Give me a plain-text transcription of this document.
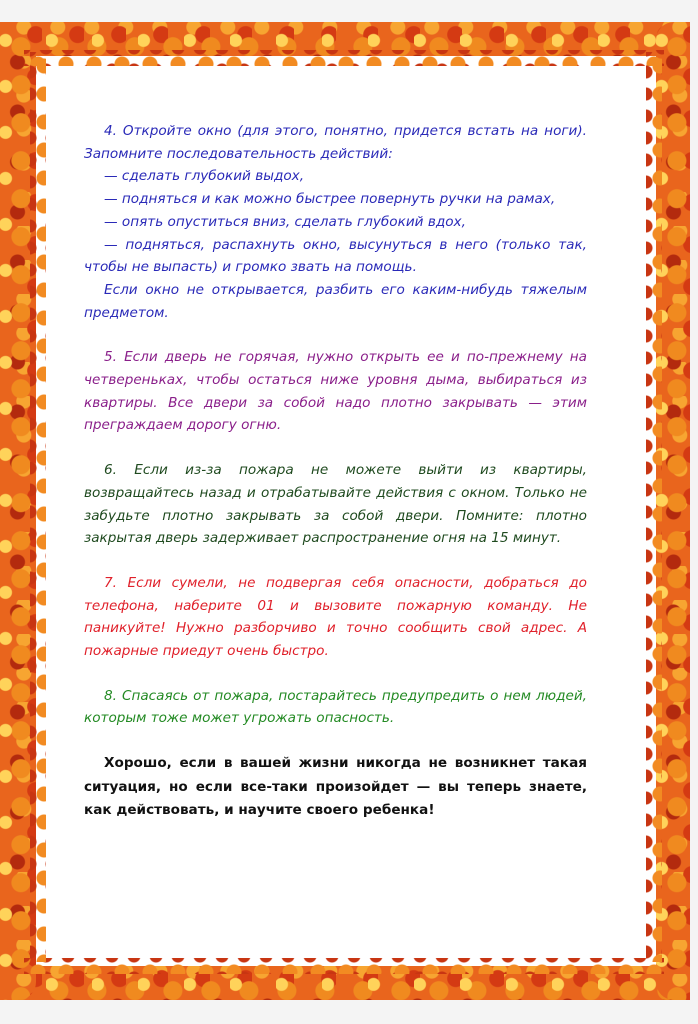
4. Откройте окно (для этого, понятно, придется встать на ноги). Запомните последовательность действий:
— сделать глубокий выдох,
— подняться и как можно быстрее повернуть ручки на рамах,
— опять опуститься вниз, сделать глубокий вдох,
— подняться, распахнуть окно, высунуться в него (только так, чтобы не выпасть) и громко звать на помощь.
Если окно не открывается, разбить его каким-нибудь тяжелым предметом.

5. Если дверь не горячая, нужно открыть ее и по-прежнему на четвереньках, чтобы остаться ниже уровня дыма, выбираться из квартиры. Все двери за собой надо плотно закрывать — этим преграждаем дорогу огню.

6. Если из-за пожара не можете выйти из квартиры, возвращайтесь назад и отрабатывайте действия с окном. Только не забудьте плотно закрывать за собой двери. Помните: плотно закрытая дверь задерживает распространение огня на 15 минут.

7. Если сумели, не подвергая себя опасности, добраться до телефона, наберите 01 и вызовите пожарную команду. Не паникуйте! Нужно разборчиво и точно сообщить свой адрес. А пожарные приедут очень быстро.

8. Спасаясь от пожара, постарайтесь предупредить о нем людей, которым тоже может угрожать опасность.

Хорошо, если в вашей жизни никогда не возникнет такая ситуация, но если все-таки произойдет — вы теперь знаете, как действовать, и научите своего ребенка!
